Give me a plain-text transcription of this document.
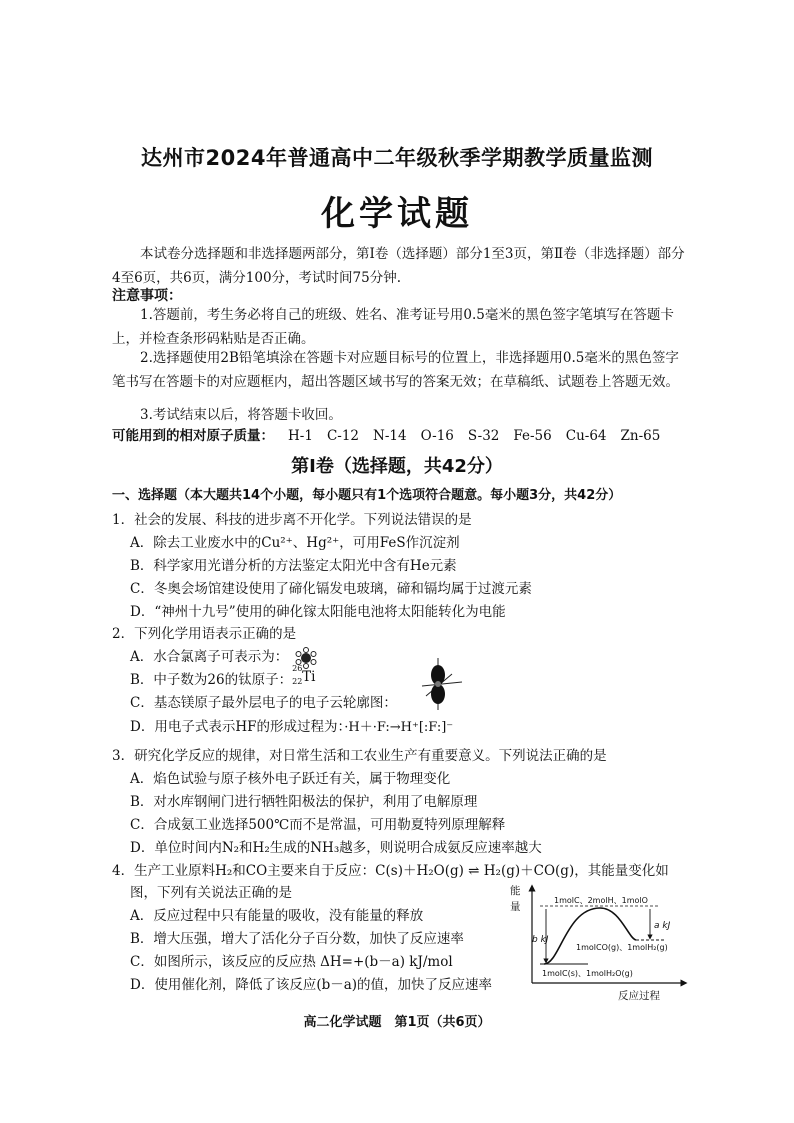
达州市2024年普通高中二年级秋季学期教学质量监测
化学试题
本试卷分选择题和非选择题两部分，第Ⅰ卷（选择题）部分1至3页，第Ⅱ卷（非选择题）部分4至6页，共6页，满分100分，考试时间75分钟.
注意事项：
1.答题前，考生务必将自己的班级、姓名、准考证号用0.5毫米的黑色签字笔填写在答题卡上，并检查条形码粘贴是否正确。
2.选择题使用2B铅笔填涂在答题卡对应题目标号的位置上，非选择题用0.5毫米的黑色签字笔书写在答题卡的对应题框内，超出答题区域书写的答案无效；在草稿纸、试题卷上答题无效。
3.考试结束以后，将答题卡收回。
可能用到的相对原子质量： H-1 C-12 N-14 O-16 S-32 Fe-56 Cu-64 Zn-65
第Ⅰ卷（选择题，共42分）
一、选择题（本大题共14个小题，每小题只有1个选项符合题意。每小题3分，共42分）
1．社会的发展、科技的进步离不开化学。下列说法错误的是
A．除去工业废水中的Cu²⁺、Hg²⁺，可用FeS作沉淀剂
B．科学家用光谱分析的方法鉴定太阳光中含有He元素
C．冬奥会场馆建设使用了碲化镉发电玻璃，碲和镉均属于过渡元素
D．“神州十九号”使用的砷化镓太阳能电池将太阳能转化为电能
2．下列化学用语表示正确的是
A．水合氯离子可表示为：
B．中子数为26的钛原子：
26
22 Ti
C．基态镁原子最外层电子的电子云轮廓图：
D．用电子式表示HF的形成过程为：·H＋·F:→H⁺[:F:]⁻
3．研究化学反应的规律，对日常生活和工农业生产有重要意义。下列说法正确的是
A．焰色试验与原子核外电子跃迁有关，属于物理变化
B．对水库钢闸门进行牺牲阳极法的保护，利用了电解原理
C．合成氨工业选择500℃而不是常温，可用勒夏特列原理解释
D．单位时间内N₂和H₂生成的NH₃越多，则说明合成氨反应速率越大
4．生产工业原料H₂和CO主要来自于反应：C(s)＋H₂O(g) ⇌ H₂(g)＋CO(g)，其能量变化如
图，下列有关说法正确的是
A．反应过程中只有能量的吸收，没有能量的释放
B．增大压强，增大了活化分子百分数，加快了反应速率
C．如图所示，该反应的反应热 ΔH=+(b－a) kJ/mol
D．使用催化剂，降低了该反应(b－a)的值，加快了反应速率
能
量
1molC、2molH、1molO
b kJ
a kJ
1molCO(g)、1molH₂(g)
1molC(s)、1molH₂O(g)
反应过程
高二化学试题　第1页（共6页）
